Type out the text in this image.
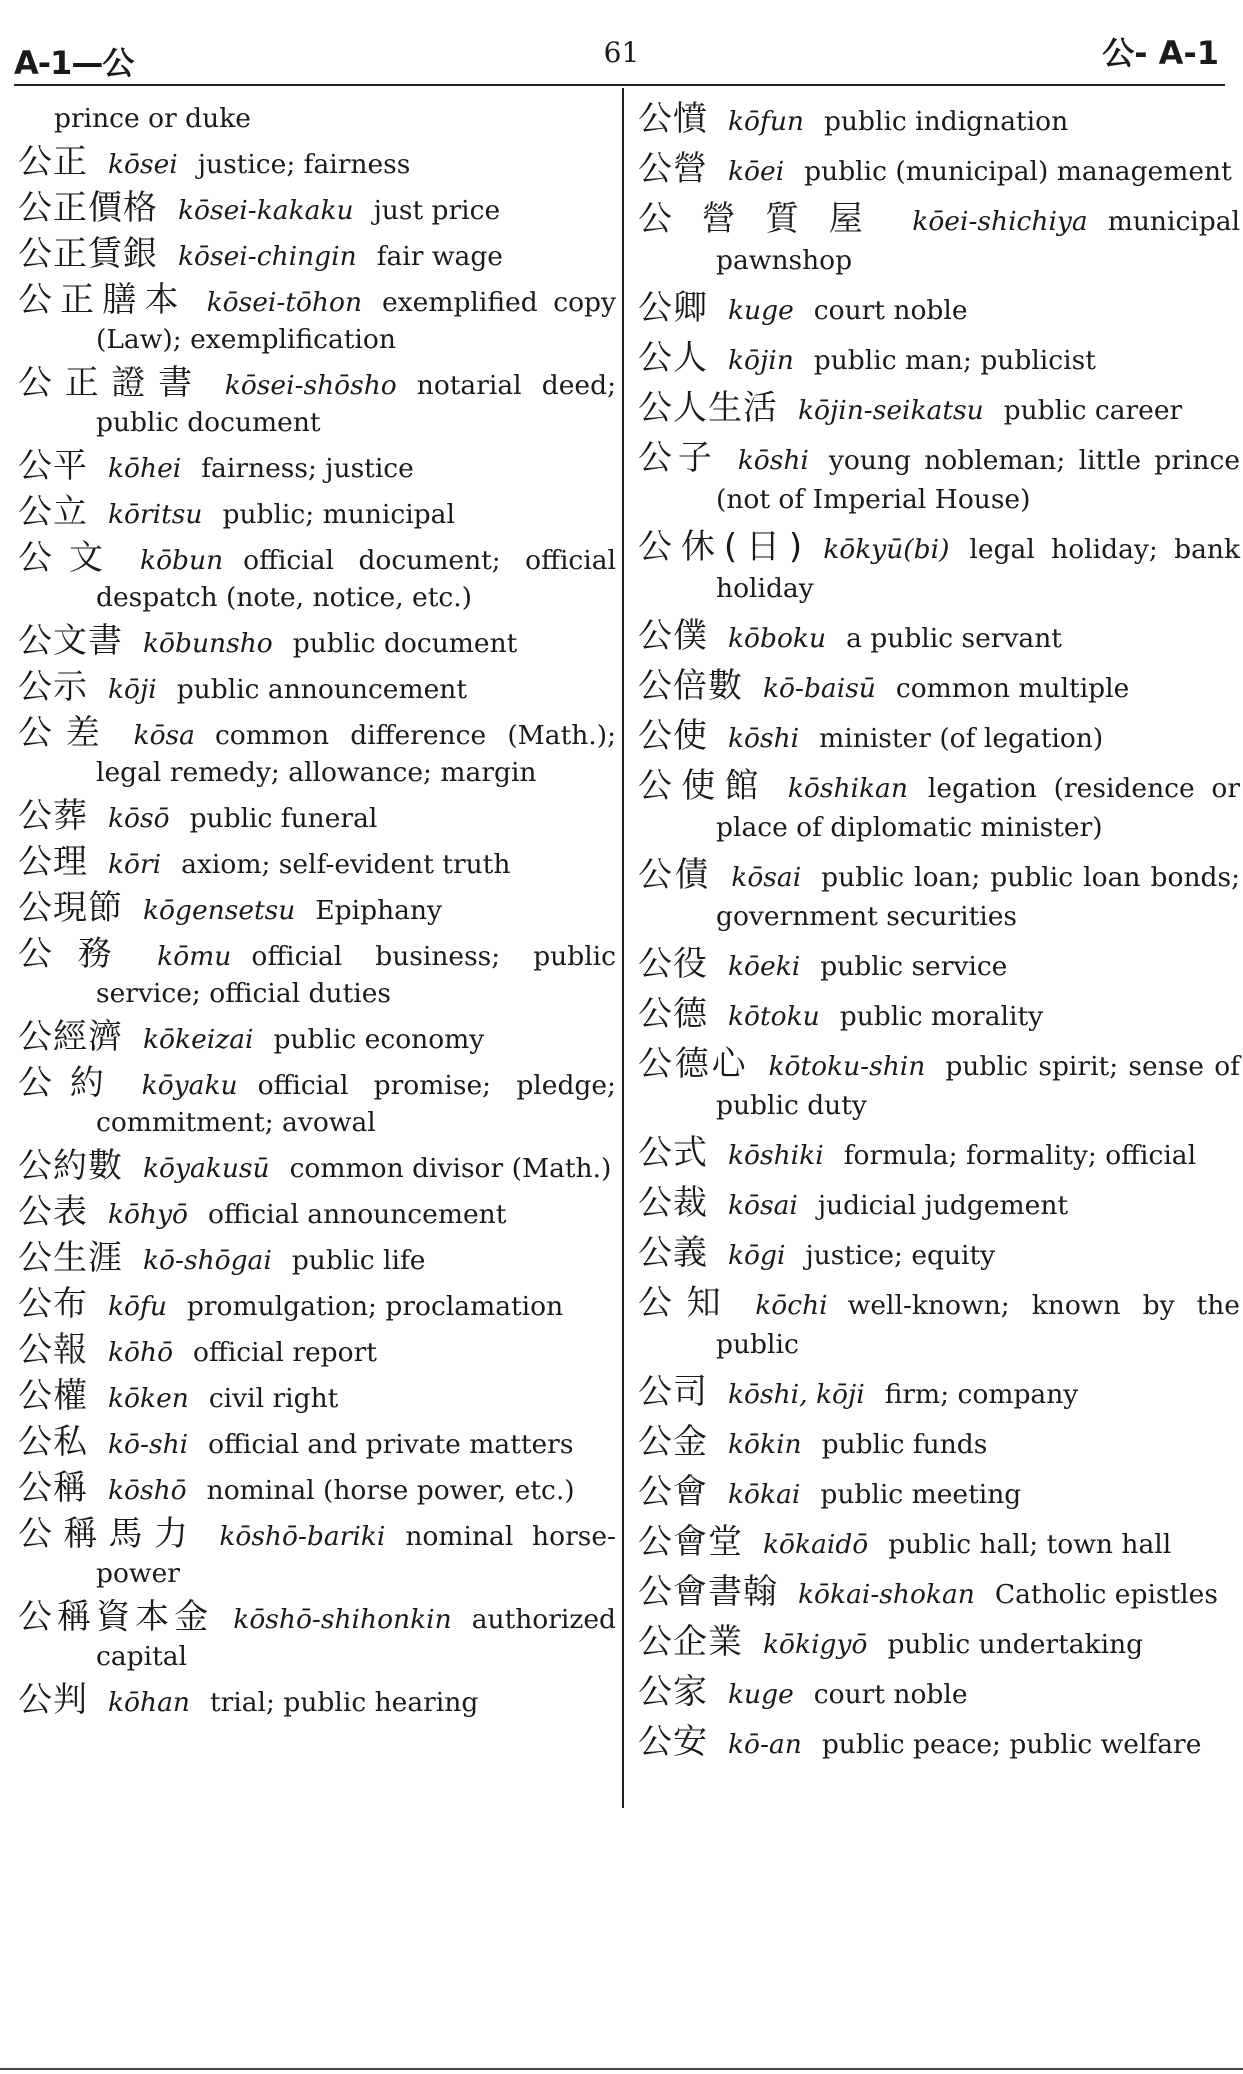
A-1—公	61	公- A-1
prince or duke
公正 kōsei justice; fairness
公正價格 kōsei-kakaku just price
公正賃銀 kōsei-chingin fair wage
公正膳本 kōsei-tōhon exemplified copy (Law); exemplification
公正證書 kōsei-shōsho notarial deed; public document
公平 kōhei fairness; justice
公立 kōritsu public; municipal
公文 kōbun official document; official despatch (note, notice, etc.)
公文書 kōbunsho public document
公示 kōji public announcement
公差 kōsa common difference (Math.); legal remedy; allowance; margin
公葬 kōsō public funeral
公理 kōri axiom; self-evident truth
公現節 kōgensetsu Epiphany
公務 kōmu official business; public service; official duties
公經濟 kōkeizai public economy
公約 kōyaku official promise; pledge; commitment; avowal
公約數 kōyakusū common divisor (Math.)
公表 kōhyō official announcement
公生涯 kō-shōgai public life
公布 kōfu promulgation; proclamation
公報 kōhō official report
公權 kōken civil right
公私 kō-shi official and private matters
公稱 kōshō nominal (horse power, etc.)
公稱馬力 kōshō-bariki nominal horse-power
公稱資本金 kōshō-shihonkin authorized capital
公判 kōhan trial; public hearing
公憤 kōfun public indignation
公營 kōei public (municipal) management
公營質屋 kōei-shichiya municipal pawnshop
公卿 kuge court noble
公人 kōjin public man; publicist
公人生活 kōjin-seikatsu public career
公子 kōshi young nobleman; little prince (not of Imperial House)
公休(日) kōkyū(bi) legal holiday; bank holiday
公僕 kōboku a public servant
公倍數 kō-baisū common multiple
公使 kōshi minister (of legation)
公使館 kōshikan legation (residence or place of diplomatic minister)
公債 kōsai public loan; public loan bonds; government securities
公役 kōeki public service
公德 kōtoku public morality
公德心 kōtoku-shin public spirit; sense of public duty
公式 kōshiki formula; formality; official
公裁 kōsai judicial judgement
公義 kōgi justice; equity
公知 kōchi well-known; known by the public
公司 kōshi, kōji firm; company
公金 kōkin public funds
公會 kōkai public meeting
公會堂 kōkaidō public hall; town hall
公會書翰 kōkai-shokan Catholic epistles
公企業 kōkigyō public undertaking
公家 kuge court noble
公安 kō-an public peace; public welfare
